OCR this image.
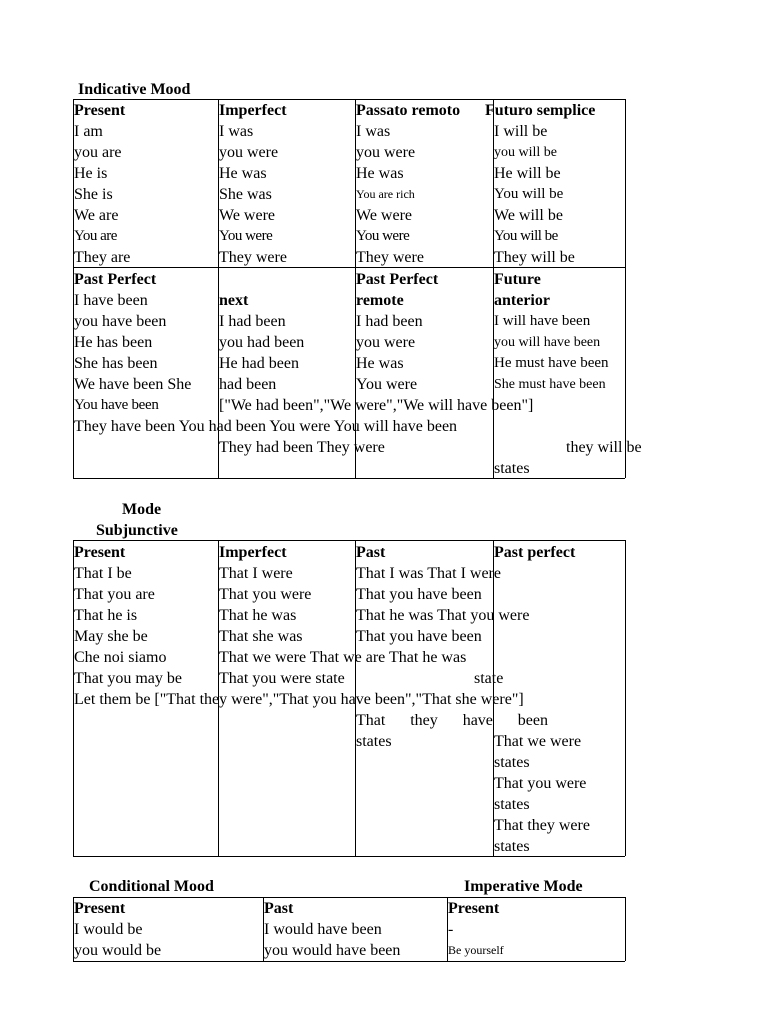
Indicative Mood
Present
I am
you are
He is
She is
We are
You are
They are
Imperfect
I was
you were
He was
She was
We were
You were
They were
Passato remoto
I was
you were
He was
You are rich
We were
You were
They were
Futuro semplice
I will be
you will be
He will be
You will be
We will be
You will be
They will be
Past Perfect
I have been
you have been
He has been
She has been
We have been She
You have been
They have been You had been You were You will have been
next
I had been
you had been
He had been
had been
["We had been","We were","We will have been"]
They had been They were
Past Perfect
remote
I had been
you were
He was
You were
Future
anterior
I will have been
you will have been
He must have been
She must have been
they will be
states
Mode
Subjunctive
Present
That I be
That you are
That he is
May she be
Che noi siamo
That you may be
Let them be ["That they were","That you have been","That she were"]
Imperfect
That I were
That you were
That he was
That she was
That we were That we are That he was
That you were state
Past
That I was That I were
That you have been
That he was That you were
That you have been
state
That they have been
states
Past perfect
That we were
states
That you were
states
That they were
states
Conditional Mood	Imperative Mode
Present
I would be
you would be
Past
I would have been
you would have been
Present
-
Be yourself
